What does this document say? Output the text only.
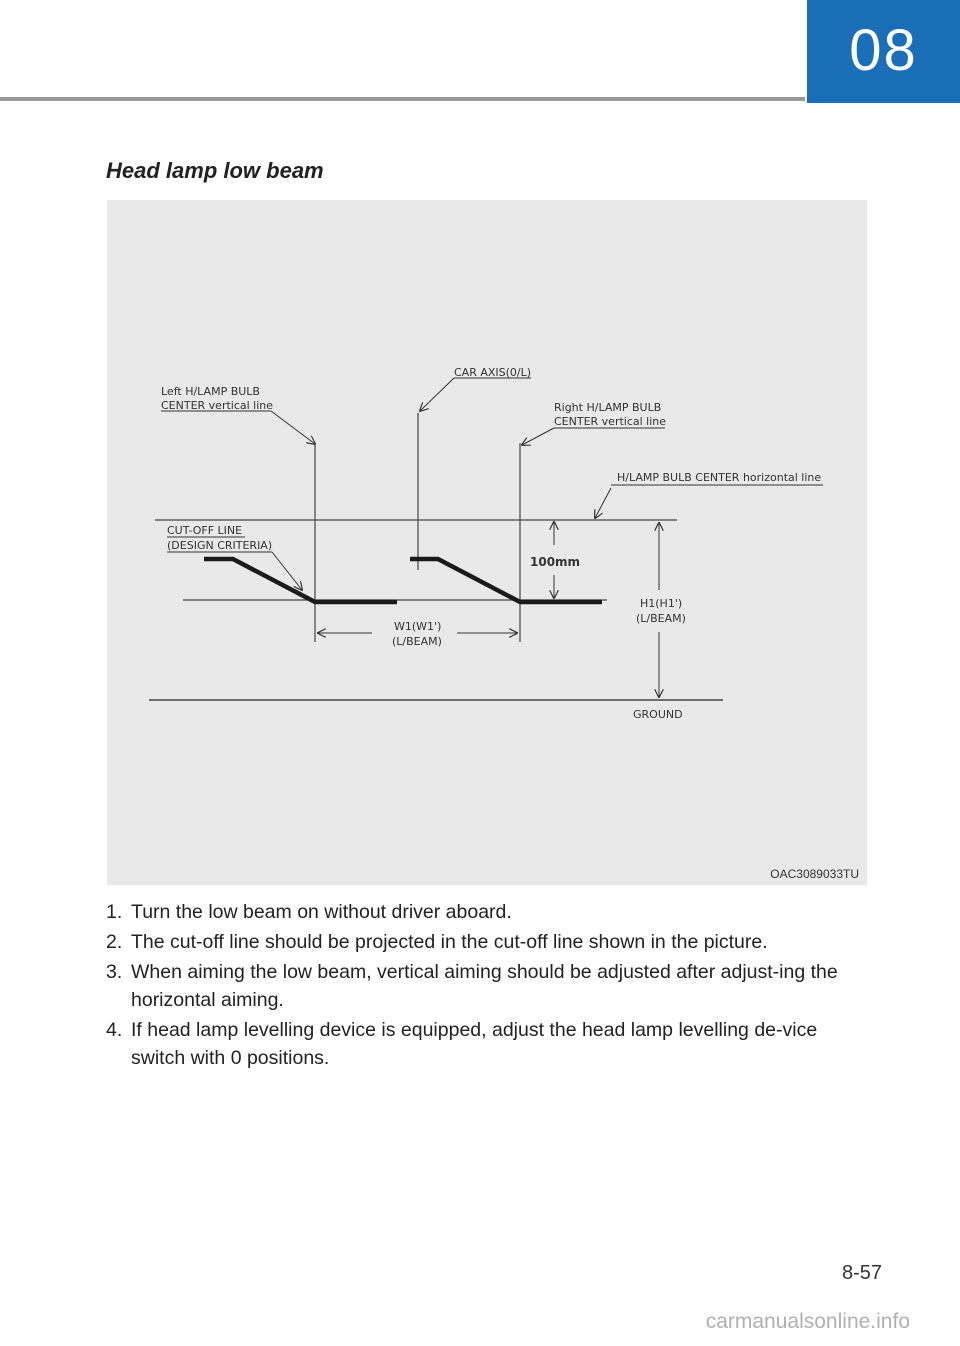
08
Head lamp low beam
Left H/LAMP BULB
CENTER vertical line
CAR AXIS(0/L)
Right H/LAMP BULB
CENTER vertical line
H/LAMP BULB CENTER horizontal line
CUT-OFF LINE
(DESIGN CRITERIA)
100mm
W1(W1')
(L/BEAM)
H1(H1')
(L/BEAM)
GROUND
OAC3089033TU
1. Turn the low beam on without driver aboard.
2. The cut-off line should be projected in the cut-off line shown in the picture.
3. When aiming the low beam, vertical aiming should be adjusted after adjust-ing the horizontal aiming.
4. If head lamp levelling device is equipped, adjust the head lamp levelling de-vice switch with 0 positions.
8-57
carmanualsonline.info
